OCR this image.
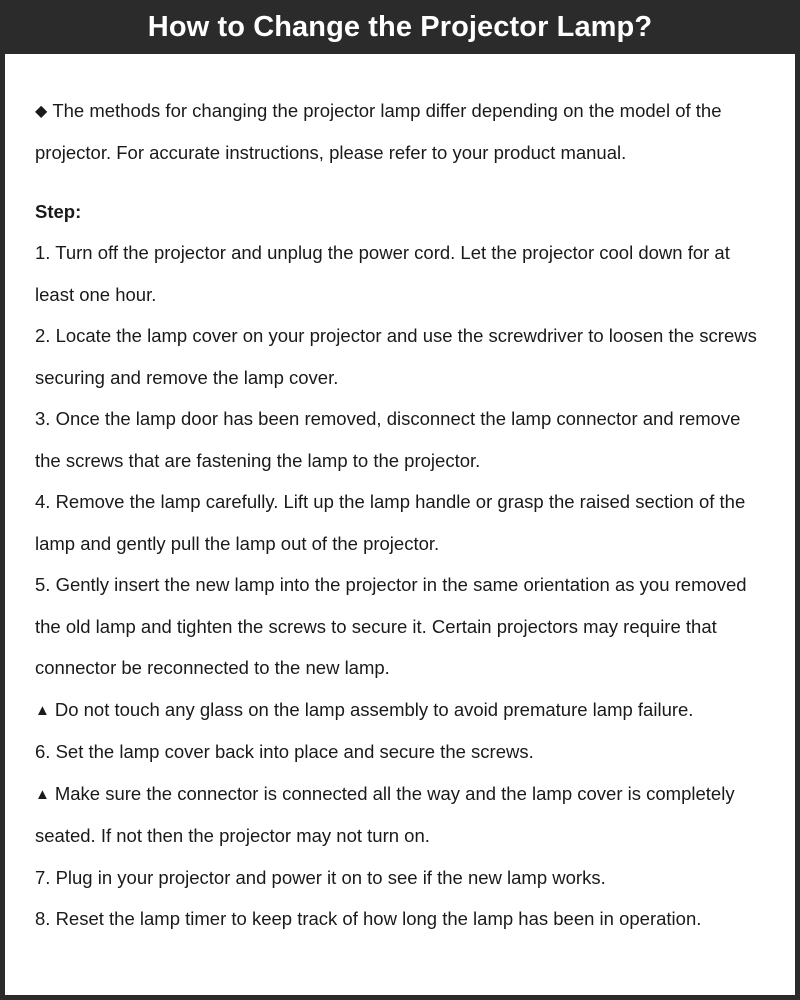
How to Change the Projector Lamp?

◆ The methods for changing the projector lamp differ depending on the model of the projector. For accurate instructions, please refer to your product manual.

Step:

1. Turn off the projector and unplug the power cord. Let the projector cool down for at least one hour.
2. Locate the lamp cover on your projector and use the screwdriver to loosen the screws securing and remove the lamp cover.
3. Once the lamp door has been removed, disconnect the lamp connector and remove the screws that are fastening the lamp to the projector.
4. Remove the lamp carefully. Lift up the lamp handle or grasp the raised section of the lamp and gently pull the lamp out of the projector.
5. Gently insert the new lamp into the projector in the same orientation as you removed the old lamp and tighten the screws to secure it. Certain projectors may require that connector be reconnected to the new lamp.
▲ Do not touch any glass on the lamp assembly to avoid premature lamp failure.
6. Set the lamp cover back into place and secure the screws.
▲ Make sure the connector is connected all the way and the lamp cover is completely seated. If not then the projector may not turn on.
7. Plug in your projector and power it on to see if the new lamp works.
8. Reset the lamp timer to keep track of how long the lamp has been in operation.
